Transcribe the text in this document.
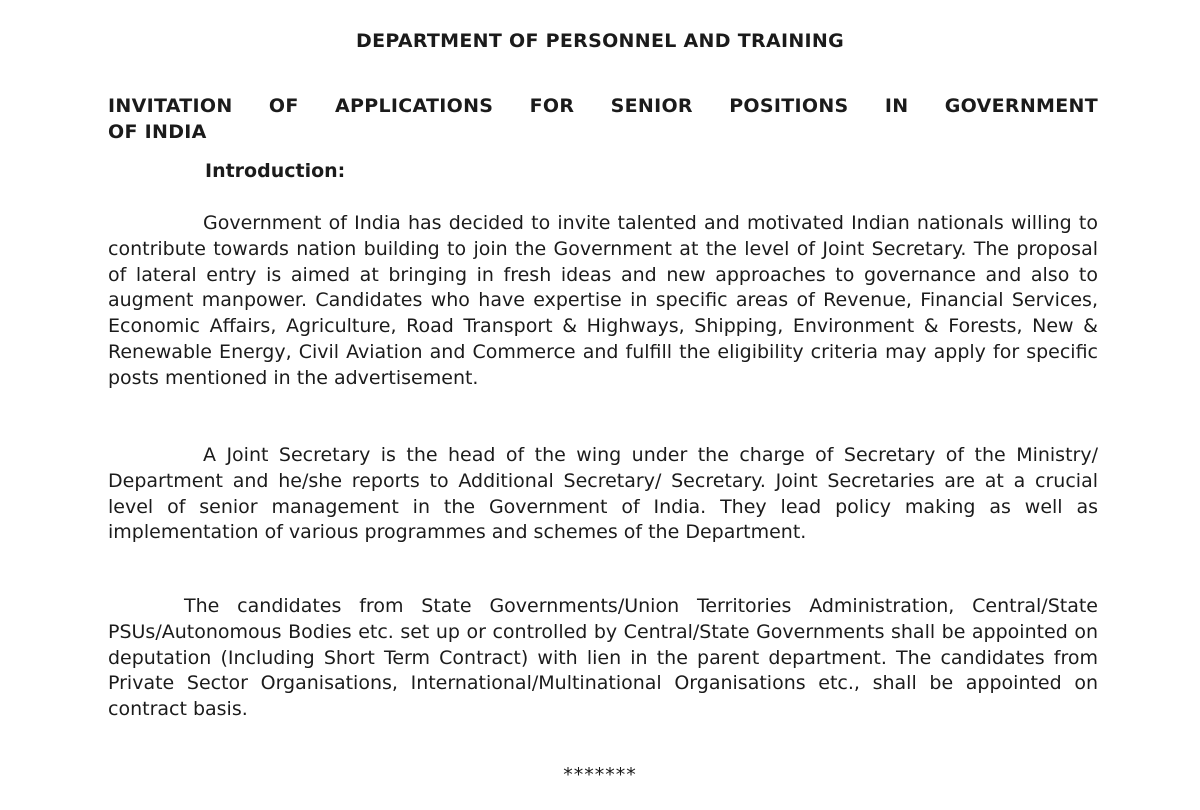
DEPARTMENT OF PERSONNEL AND TRAINING
INVITATION OF APPLICATIONS FOR SENIOR POSITIONS IN GOVERNMENT
OF INDIA
Introduction:

Government of India has decided to invite talented and motivated Indian nationals willing to contribute towards nation building to join the Government at the level of Joint Secretary. The proposal of lateral entry is aimed at bringing in fresh ideas and new approaches to governance and also to augment manpower. Candidates who have expertise in specific areas of Revenue, Financial Services, Economic Affairs, Agriculture, Road Transport & Highways, Shipping, Environment & Forests, New & Renewable Energy, Civil Aviation and Commerce and fulfill the eligibility criteria may apply for specific posts mentioned in the advertisement.

A Joint Secretary is the head of the wing under the charge of Secretary of the Ministry/ Department and he/she reports to Additional Secretary/ Secretary. Joint Secretaries are at a crucial level of senior management in the Government of India. They lead policy making as well as implementation of various programmes and schemes of the Department.

The candidates from State Governments/Union Territories Administration, Central/State PSUs/Autonomous Bodies etc. set up or controlled by Central/State Governments shall be appointed on deputation (Including Short Term Contract) with lien in the parent department. The candidates from Private Sector Organisations, International/Multinational Organisations etc., shall be appointed on contract basis.

*******
